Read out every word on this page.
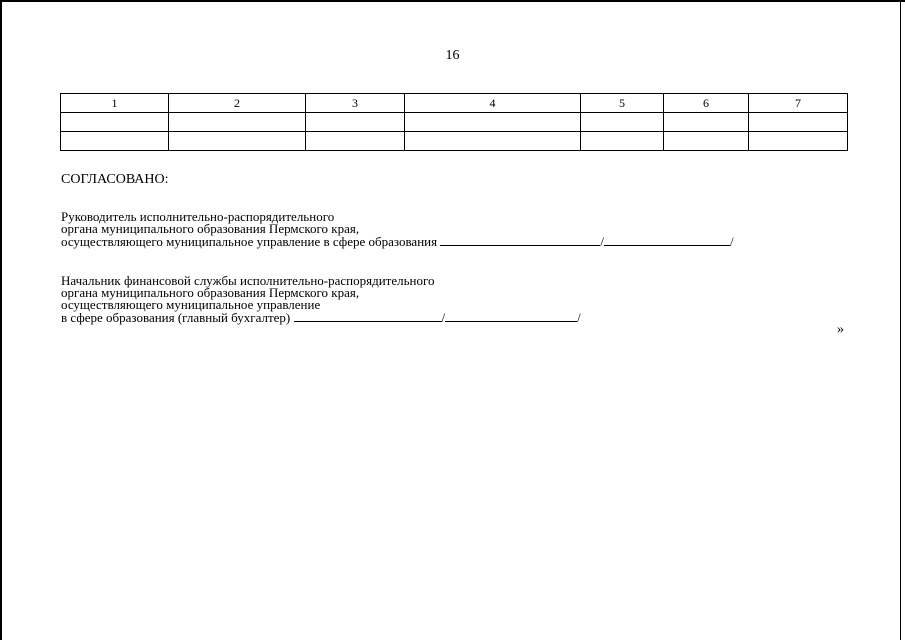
16
1	2	3	4	5	6	7

СОГЛАСОВАНО:
Руководитель исполнительно-распорядительного
органа муниципального образования Пермского края,
осуществляющего муниципальное управление в сфере образования	/	/
Начальник финансовой службы исполнительно-распорядительного
органа муниципального образования Пермского края,
осуществляющего муниципальное управление
в сфере образования (главный бухгалтер)	/	/
»
